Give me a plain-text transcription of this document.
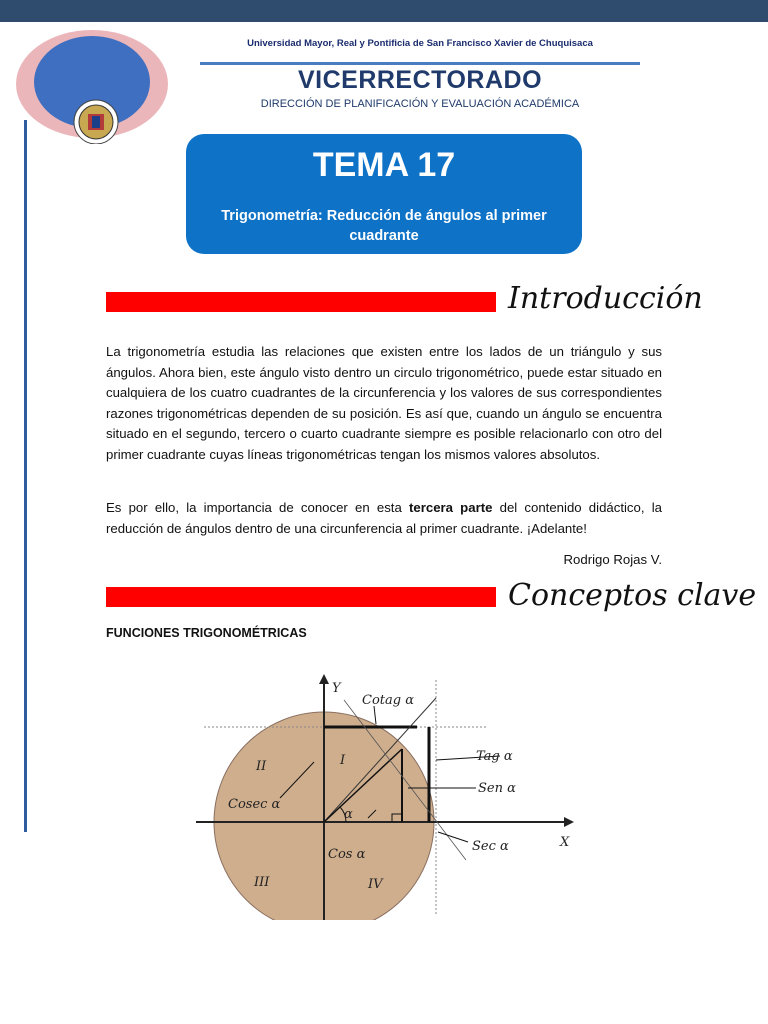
Universidad Mayor, Real y Pontificia de San Francisco Xavier de Chuquisaca
VICERRECTORADO
DIRECCIÓN DE PLANIFICACIÓN Y EVALUACIÓN ACADÉMICA
TEMA 17
Trigonometría: Reducción de ángulos al primer cuadrante
Introducción

La trigonometría estudia las relaciones que existen entre los lados de un triángulo y sus ángulos. Ahora bien, este ángulo visto dentro un circulo trigonométrico, puede estar situado en cualquiera de los cuatro cuadrantes de la circunferencia y los valores de sus correspondientes razones trigonométricas dependen de su posición. Es así que, cuando un ángulo se encuentra situado en el segundo, tercero o cuarto cuadrante siempre es posible relacionarlo con otro del primer cuadrante cuyas líneas trigonométricas tengan los mismos valores absolutos.

Es por ello, la importancia de conocer en esta tercera parte del contenido didáctico, la reducción de ángulos dentro de una circunferencia al primer cuadrante. ¡Adelante!

Rodrigo Rojas V.
Conceptos clave
FUNCIONES TRIGONOMÉTRICAS
Y
X
Cotag α
Tag α
Sen α
Sec α
Cosec α
Cos α
α
I
II
III	IV
